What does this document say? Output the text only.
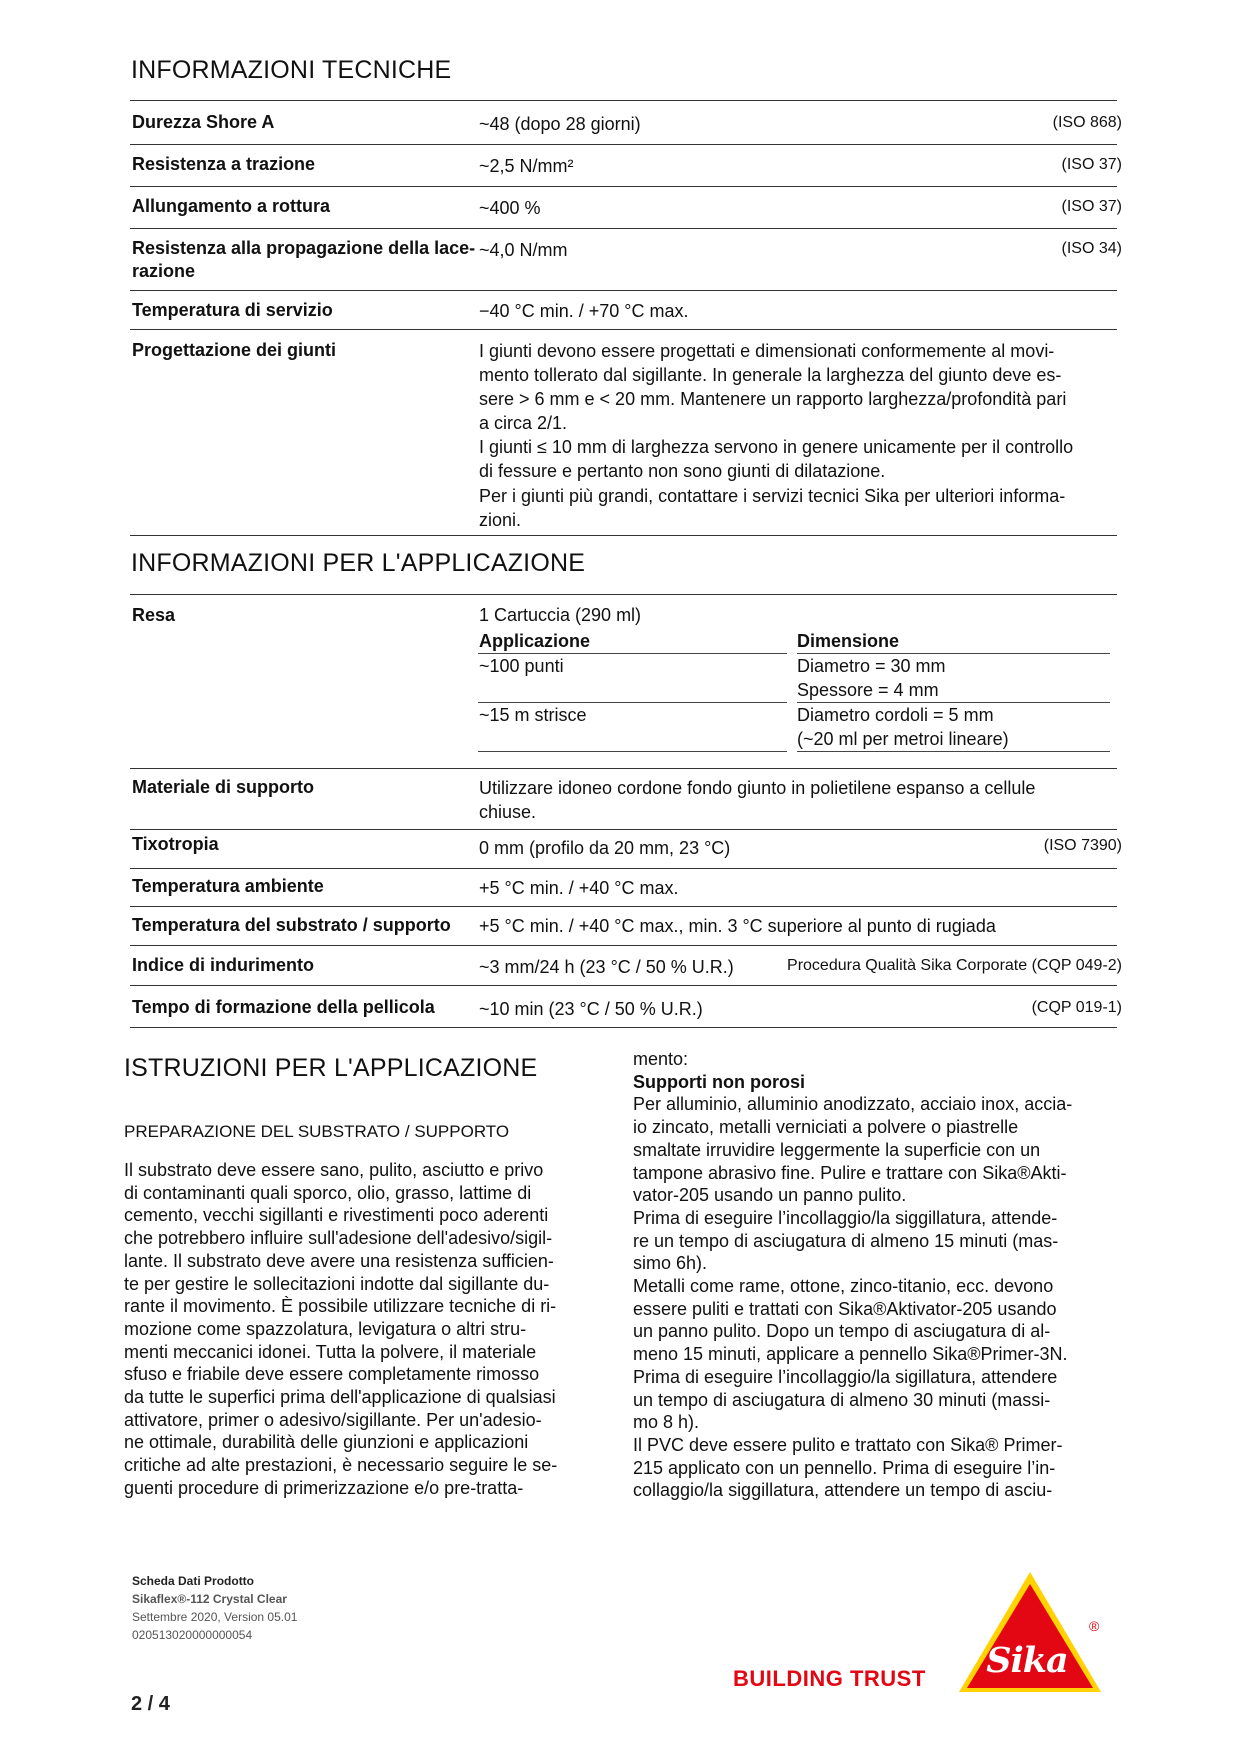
INFORMAZIONI TECNICHE
Durezza Shore A	~48 (dopo 28 giorni)	(ISO 868)
Resistenza a trazione	~2,5 N/mm²	(ISO 37)
Allungamento a rottura	~400 %	(ISO 37)
Resistenza alla propagazione della lace-
razione
~4,0 N/mm	(ISO 34)
Temperatura di servizio	−40 °C min. / +70 °C max.
Progettazione dei giunti	I giunti devono essere progettati e dimensionati conformemente al movi-
mento tollerato dal sigillante. In generale la larghezza del giunto deve es-
sere > 6 mm e < 20 mm. Mantenere un rapporto larghezza/profondità pari
a circa 2/1.
I giunti ≤ 10 mm di larghezza servono in genere unicamente per il controllo
di fessure e pertanto non sono giunti di dilatazione.
Per i giunti più grandi, contattare i servizi tecnici Sika per ulteriori informa-
zioni.
INFORMAZIONI PER L'APPLICAZIONE
Resa	1 Cartuccia (290 ml)
Applicazione	Dimensione
~100 punti	Diametro = 30 mm
Spessore = 4 mm
~15 m strisce	Diametro cordoli = 5 mm
(~20 ml per metroi lineare)
Materiale di supporto	Utilizzare idoneo cordone fondo giunto in polietilene espanso a cellule
chiuse.
Tixotropia	0 mm (profilo da 20 mm, 23 °C)	(ISO 7390)
Temperatura ambiente	+5 °C min. / +40 °C max.
Temperatura del substrato / supporto +5 °C min. / +40 °C max., min. 3 °C superiore al punto di rugiada
Indice di indurimento	~3 mm/24 h (23 °C / 50 % U.R.)	Procedura Qualità Sika Corporate (CQP 049-2)
Tempo di formazione della pellicola ~10 min (23 °C / 50 % U.R.)	(CQP 019-1)
ISTRUZIONI PER L'APPLICAZIONE
PREPARAZIONE DEL SUBSTRATO / SUPPORTO

Il substrato deve essere sano, pulito, asciutto e privo

di contaminanti quali sporco, olio, grasso, lattime di

cemento, vecchi sigillanti e rivestimenti poco aderenti

che potrebbero influire sull'adesione dell'adesivo/sigil-

lante. Il substrato deve avere una resistenza sufficien-

te per gestire le sollecitazioni indotte dal sigillante du-

rante il movimento. È possibile utilizzare tecniche di ri-

mozione come spazzolatura, levigatura o altri stru-

menti meccanici idonei. Tutta la polvere, il materiale

sfuso e friabile deve essere completamente rimosso

da tutte le superfici prima dell'applicazione di qualsiasi

attivatore, primer o adesivo/sigillante. Per un'adesio-

ne ottimale, durabilità delle giunzioni e applicazioni

critiche ad alte prestazioni, è necessario seguire le se-

guenti procedure di primerizzazione e/o pre-tratta-

mento:

Supporti non porosi

Per alluminio, alluminio anodizzato, acciaio inox, accia-

io zincato, metalli verniciati a polvere o piastrelle

smaltate irruvidire leggermente la superficie con un

tampone abrasivo fine. Pulire e trattare con Sika®Akti-

vator-205 usando un panno pulito.

Prima di eseguire l’incollaggio/la siggillatura, attende-

re un tempo di asciugatura di almeno 15 minuti (mas-

simo 6h).

Metalli come rame, ottone, zinco-titanio, ecc. devono

essere puliti e trattati con Sika®Aktivator-205 usando

un panno pulito. Dopo un tempo di asciugatura di al-

meno 15 minuti, applicare a pennello Sika®Primer-3N.

Prima di eseguire l’incollaggio/la sigillatura, attendere

un tempo di asciugatura di almeno 30 minuti (massi-

mo 8 h).

Il PVC deve essere pulito e trattato con Sika® Primer-

215 applicato con un pennello. Prima di eseguire l’in-

collaggio/la siggillatura, attendere un tempo di asciu-

Scheda Dati Prodotto
Sikaflex®-112 Crystal Clear
Settembre 2020, Version 05.01
020513020000000054
2 / 4
BUILDING TRUST Sika
®
